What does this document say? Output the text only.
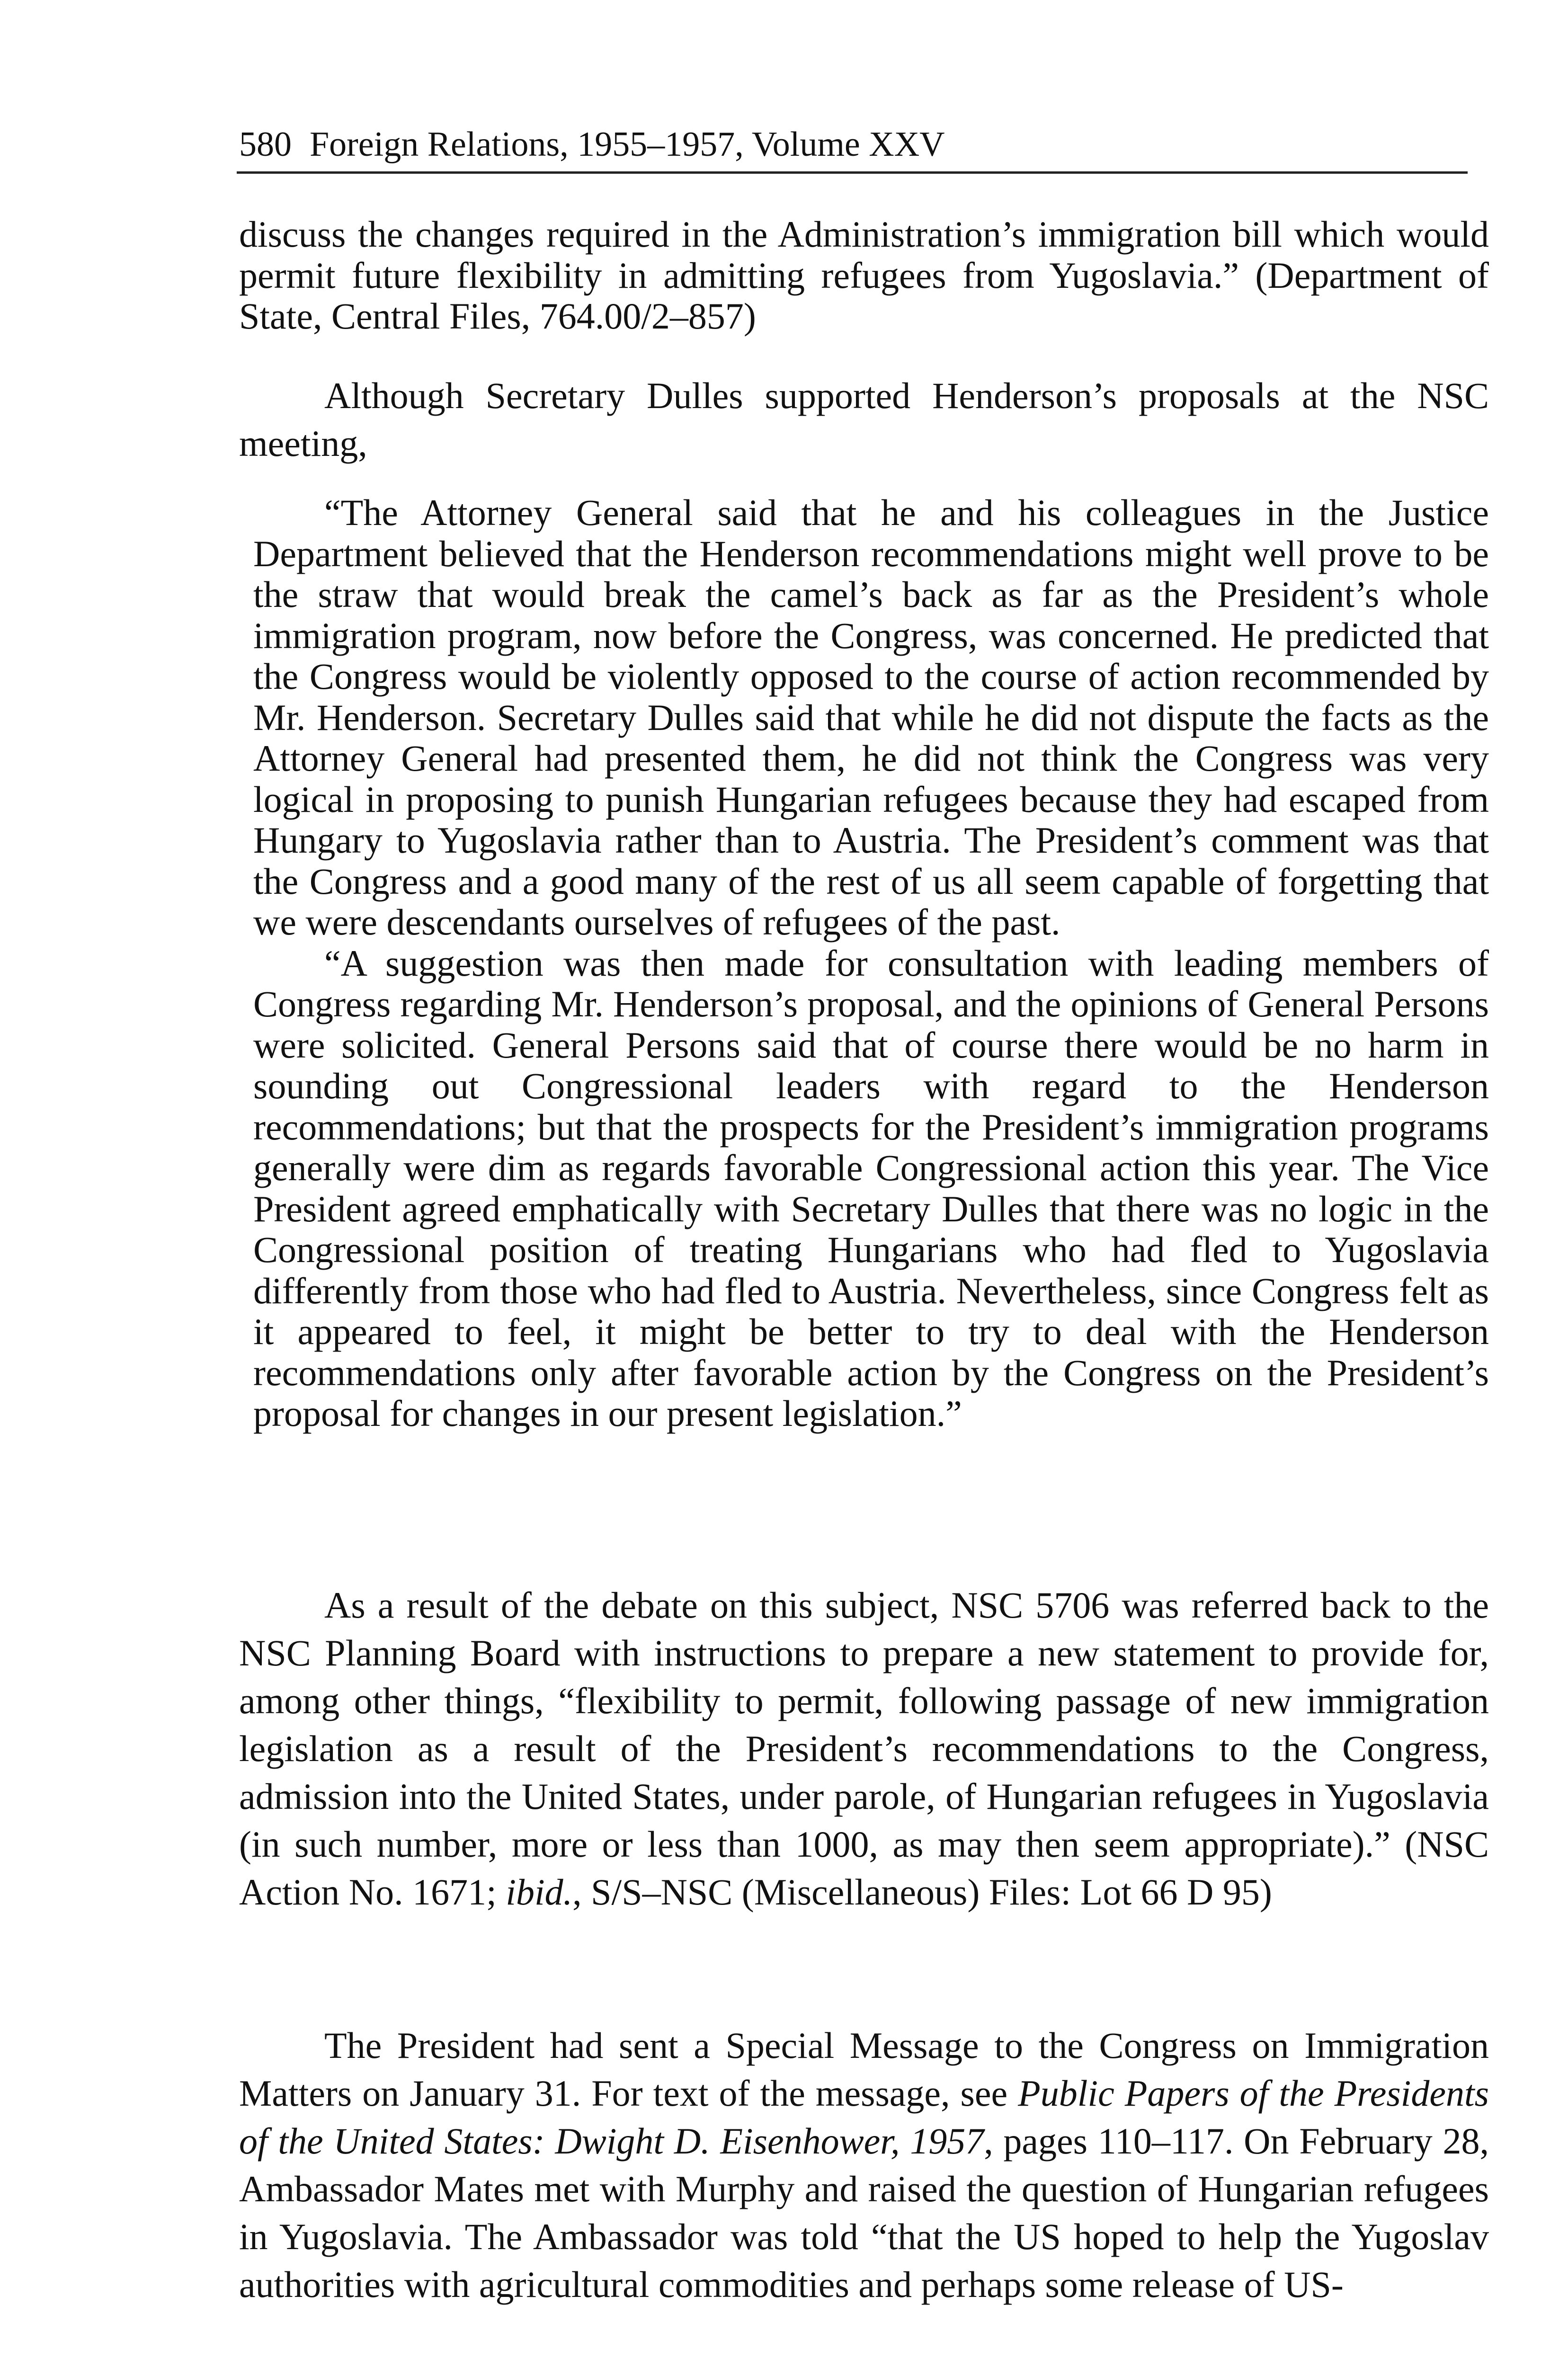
580 Foreign Relations, 1955–1957, Volume XXV

discuss the changes required in the Administration’s immigration bill which would permit future flexibility in admitting refugees from Yugoslavia.” (Department of State, Central Files, 764.00/2–857)

Although Secretary Dulles supported Henderson’s proposals at the NSC meeting,

“The Attorney General said that he and his colleagues in the Justice Department believed that the Henderson recommendations might well prove to be the straw that would break the camel’s back as far as the President’s whole immigration program, now before the Congress, was concerned. He predicted that the Congress would be violently opposed to the course of action recommended by Mr. Henderson. Secretary Dulles said that while he did not dispute the facts as the Attorney General had presented them, he did not think the Congress was very logical in proposing to punish Hungarian refugees because they had escaped from Hungary to Yugoslavia rather than to Austria. The President’s comment was that the Congress and a good many of the rest of us all seem capable of forgetting that we were descendants ourselves of refugees of the past.

“A suggestion was then made for consultation with leading members of Congress regarding Mr. Henderson’s proposal, and the opinions of General Persons were solicited. General Persons said that of course there would be no harm in sounding out Congressional leaders with regard to the Henderson recommendations; but that the prospects for the President’s immigration programs generally were dim as regards favorable Congressional action this year. The Vice President agreed emphatically with Secretary Dulles that there was no logic in the Congressional position of treating Hungarians who had fled to Yugoslavia differently from those who had fled to Austria. Nevertheless, since Congress felt as it appeared to feel, it might be better to try to deal with the Henderson recommendations only after favorable action by the Congress on the President’s proposal for changes in our present legislation.”

As a result of the debate on this subject, NSC 5706 was referred back to the NSC Planning Board with instructions to prepare a new statement to provide for, among other things, “flexibility to permit, following passage of new immigration legislation as a result of the President’s recommendations to the Congress, admission into the United States, under parole, of Hungarian refugees in Yugoslavia (in such number, more or less than 1000, as may then seem appropriate).” (NSC Action No. 1671; ibid., S/S–NSC (Miscellaneous) Files: Lot 66 D 95)

The President had sent a Special Message to the Congress on Immigration Matters on January 31. For text of the message, see Public Papers of the Presidents of the United States: Dwight D. Eisenhower, 1957, pages 110–117. On February 28, Ambassador Mates met with Murphy and raised the question of Hungarian refugees in Yugoslavia. The Ambassador was told “that the US hoped to help the Yugoslav authorities with agricultural commodities and perhaps some release of US-
